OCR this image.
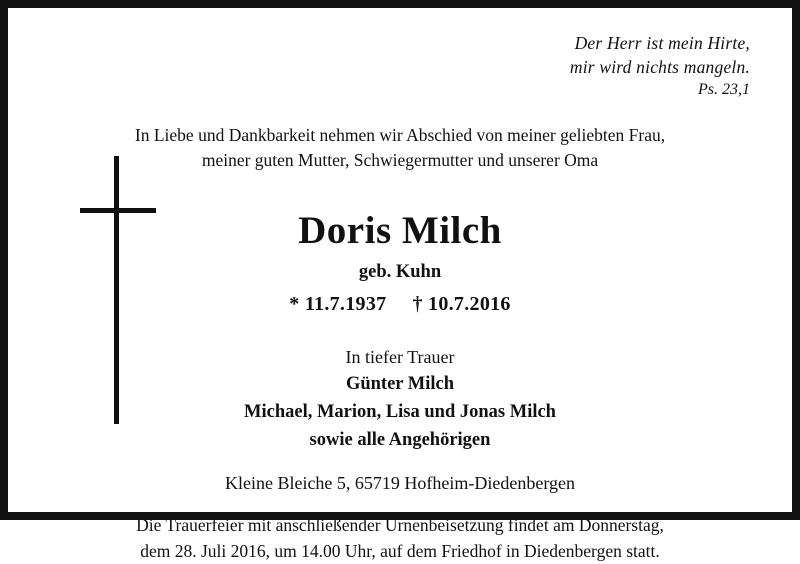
Der Herr ist mein Hirte,
mir wird nichts mangeln.
Ps. 23,1
In Liebe und Dankbarkeit nehmen wir Abschied von meiner geliebten Frau,
meiner guten Mutter, Schwiegermutter und unserer Oma
Doris Milch
geb. Kuhn
* 11.7.1937 † 10.7.2016
In tiefer Trauer
Günter Milch
Michael, Marion, Lisa und Jonas Milch
sowie alle Angehörigen
Kleine Bleiche 5, 65719 Hofheim-Diedenbergen
Die Trauerfeier mit anschließender Urnenbeisetzung findet am Donnerstag,
dem 28. Juli 2016, um 14.00 Uhr, auf dem Friedhof in Diedenbergen statt.
